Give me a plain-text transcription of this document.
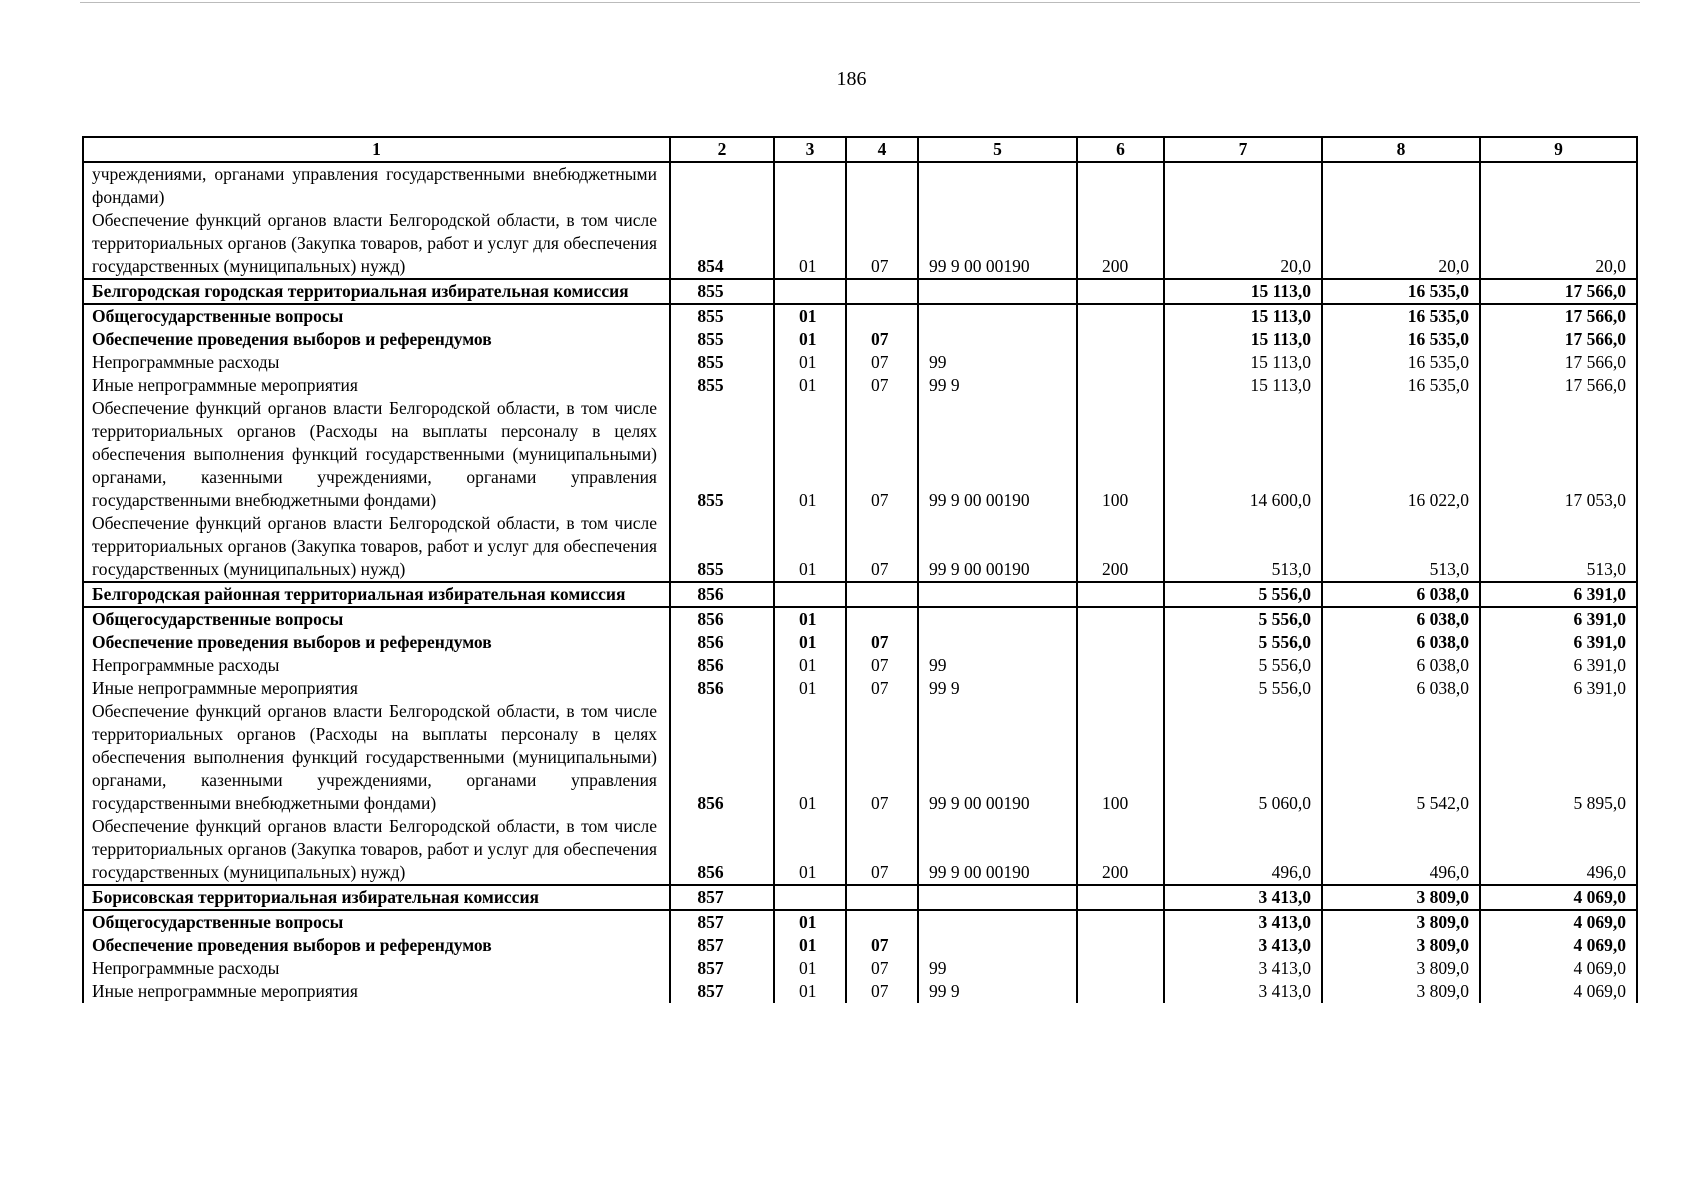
186
1	2	3	4	5	6	7	8	9
учреждениями, органами управления государственными внебюджетными фондами)								
Обеспечение функций органов власти Белгородской области, в том числе территориальных органов (Закупка товаров, работ и услуг для обеспечения государственных (муниципальных) нужд)	854	01	07	99 9 00 00190	200	20,0	20,0	20,0
Белгородская городская территориальная избирательная комиссия	855					15 113,0	16 535,0	17 566,0
Общегосударственные вопросы	855	01				15 113,0	16 535,0	17 566,0
Обеспечение проведения выборов и референдумов	855	01	07			15 113,0	16 535,0	17 566,0
Непрограммные расходы	855	01	07	99		15 113,0	16 535,0	17 566,0
Иные непрограммные мероприятия	855	01	07	99 9		15 113,0	16 535,0	17 566,0
Обеспечение функций органов власти Белгородской области, в том числе территориальных органов (Расходы на выплаты персоналу в целях обеспечения выполнения функций государственными (муниципальными) органами, казенными учреждениями, органами управления государственными внебюджетными фондами)	855	01	07	99 9 00 00190	100	14 600,0	16 022,0	17 053,0
Обеспечение функций органов власти Белгородской области, в том числе территориальных органов (Закупка товаров, работ и услуг для обеспечения государственных (муниципальных) нужд)	855	01	07	99 9 00 00190	200	513,0	513,0	513,0
Белгородская районная территориальная избирательная комиссия	856					5 556,0	6 038,0	6 391,0
Общегосударственные вопросы	856	01				5 556,0	6 038,0	6 391,0
Обеспечение проведения выборов и референдумов	856	01	07			5 556,0	6 038,0	6 391,0
Непрограммные расходы	856	01	07	99		5 556,0	6 038,0	6 391,0
Иные непрограммные мероприятия	856	01	07	99 9		5 556,0	6 038,0	6 391,0
Обеспечение функций органов власти Белгородской области, в том числе территориальных органов (Расходы на выплаты персоналу в целях обеспечения выполнения функций государственными (муниципальными) органами, казенными учреждениями, органами управления государственными внебюджетными фондами)	856	01	07	99 9 00 00190	100	5 060,0	5 542,0	5 895,0
Обеспечение функций органов власти Белгородской области, в том числе территориальных органов (Закупка товаров, работ и услуг для обеспечения государственных (муниципальных) нужд)	856	01	07	99 9 00 00190	200	496,0	496,0	496,0
Борисовская территориальная избирательная комиссия	857					3 413,0	3 809,0	4 069,0
Общегосударственные вопросы	857	01				3 413,0	3 809,0	4 069,0
Обеспечение проведения выборов и референдумов	857	01	07			3 413,0	3 809,0	4 069,0
Непрограммные расходы	857	01	07	99		3 413,0	3 809,0	4 069,0
Иные непрограммные мероприятия	857	01	07	99 9		3 413,0	3 809,0	4 069,0
